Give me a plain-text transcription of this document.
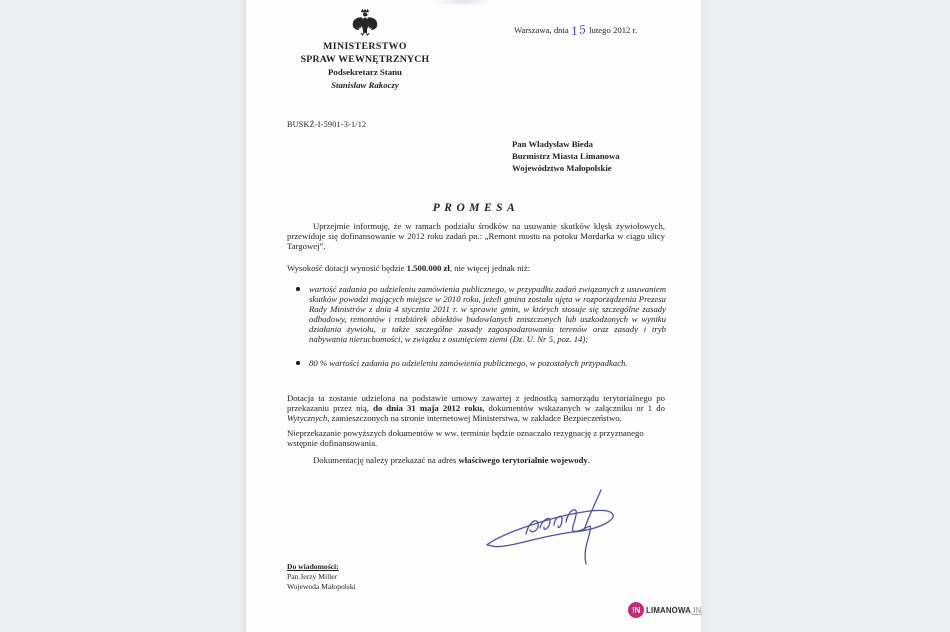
MINISTERSTWO
SPRAW WEWNĘTRZNYCH
Podsekretarz Stanu
Stanisław Rakoczy
Warszawa, dnia 15 lutego 2012 r.
BUSKŻ-I-5901-3-1/12
Pan Władysław Bieda
Burmistrz Miasta Limanowa
Województwo Małopolskie
PROMESA
Uprzejmie informuję, że w ramach podziału środków na usuwanie skutków klęsk żywiołowych, przewiduje się dofinansowanie w 2012 roku zadań pn.: „Remont mostu na potoku Mordarka w ciągu ulicy Targowej”.
Wysokość dotacji wynosić będzie 1.500.000 zł, nie więcej jednak niż:
wartość zadania po udzieleniu zamówienia publicznego, w przypadku zadań związanych z usuwaniem skutków powodzi mających miejsce w 2010 roku, jeżeli gmina została ujęta w rozporządzeniu Prezesa Rady Ministrów z dnia 4 stycznia 2011 r. w sprawie gmin, w których stosuje się szczególne zasady odbudowy, remontów i rozbiórek obiektów budowlanych zniszczonych lub uszkodzonych w wyniku działania żywiołu, a także szczególne zasady zagospodarowania terenów oraz zasady i tryb nabywania nieruchomości, w związku z osunięciem ziemi (Dz. U. Nr 5, poz. 14);
80 % wartości zadania po udzieleniu zamówienia publicznego, w pozostałych przypadkach.
Dotacja ta zostanie udzielona na podstawie umowy zawartej z jednostką samorządu terytorialnego po przekazaniu przez nią, do dnia 31 maja 2012 roku, dokumentów wskazanych w załączniku nr 1 do Wytycznych, zamieszczonych na stronie internetowej Ministerstwa, w zakładce Bezpieczeństwo.
Nieprzekazanie powyższych dokumentów w ww. terminie będzie oznaczało rezygnację z przyznanego wstępnie dofinansowania.
Dokumentację należy przekazać na adres właściwego terytorialnie wojewody.
Do wiadomości:
Pan Jerzy Miller
Wojewoda Małopolski
!N LIMANOWA.IN
